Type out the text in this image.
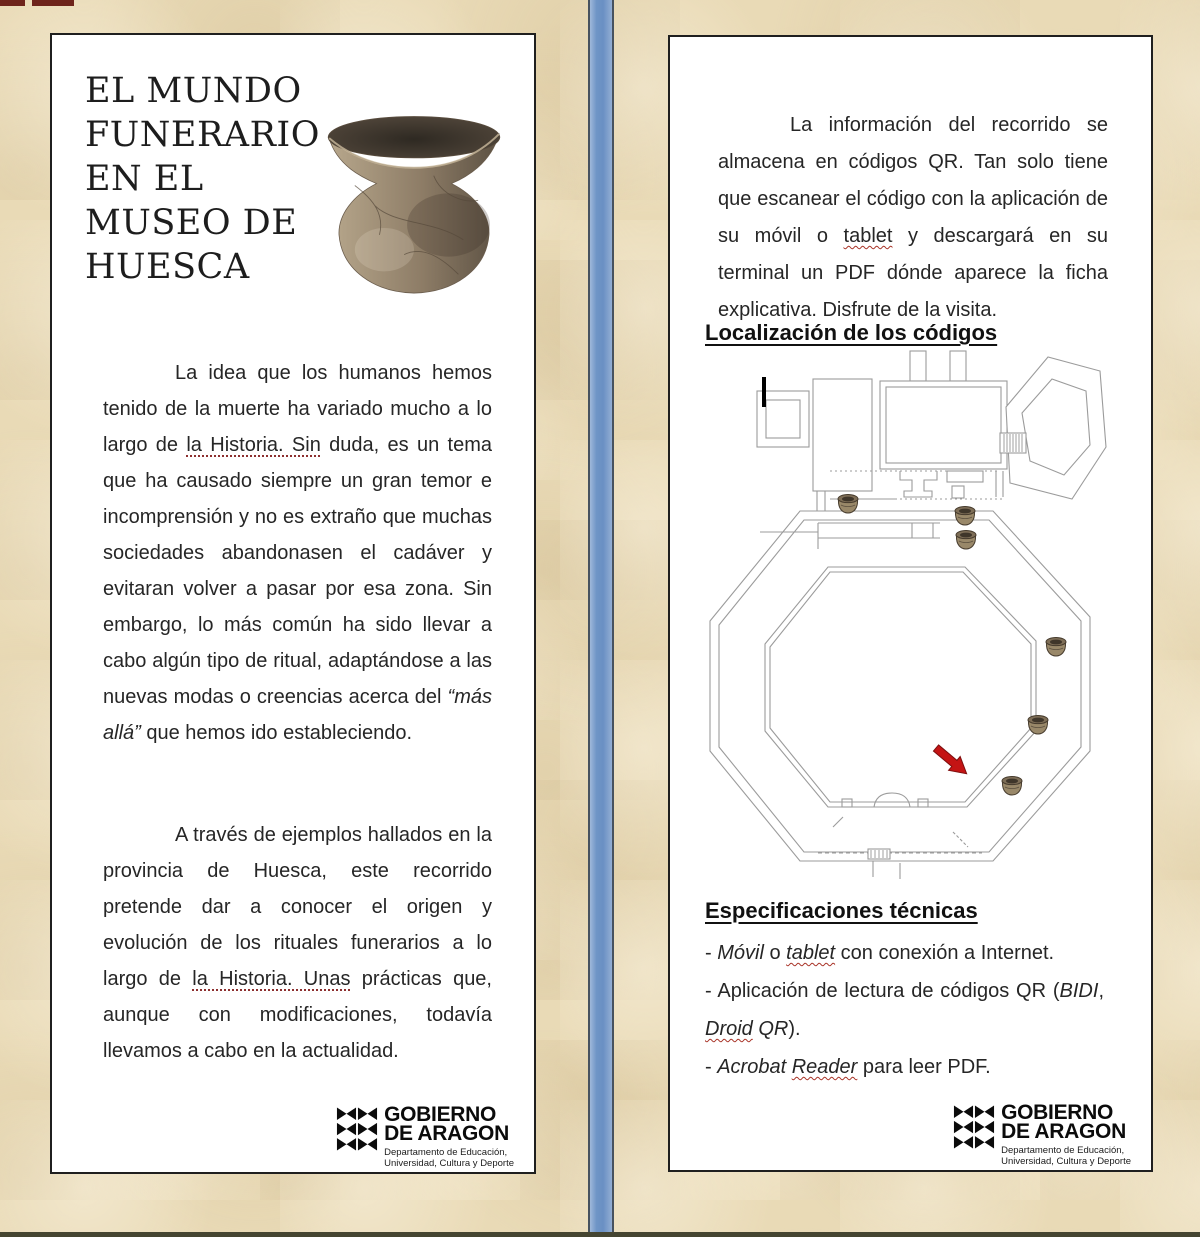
EL MUNDO
FUNERARIO
EN EL
MUSEO DE
HUESCA

La idea que los humanos hemos tenido de la muerte ha variado mucho a lo largo de la Historia. Sin duda, es un tema que ha causado siempre un gran temor e incomprensión y no es extraño que muchas sociedades abandonasen el cadáver y evitaran volver a pasar por esa zona. Sin embargo, lo más común ha sido llevar a cabo algún tipo de ritual, adaptándose a las nuevas modas o creencias acerca del “más allá” que hemos ido estableciendo.

A través de ejemplos hallados en la provincia de Huesca, este recorrido pretende dar a conocer el origen y evolución de los rituales funerarios a lo largo de la Historia. Unas prácticas que, aunque con modificaciones, todavía llevamos a cabo en la actualidad.

GOBIERNO
DE ARAGON
Departamento de Educación,
Universidad, Cultura y Deporte

La información del recorrido se almacena en códigos QR. Tan solo tiene que escanear el código con la aplicación de su móvil o tablet y descargará en su terminal un PDF dónde aparece la ficha explicativa. Disfrute de la visita.

Localización de los códigos
Especificaciones técnicas

- Móvil o tablet con conexión a Internet.

- Aplicación de lectura de códigos QR (BIDI, Droid QR).

- Acrobat Reader para leer PDF.

GOBIERNO
DE ARAGON
Departamento de Educación,
Universidad, Cultura y Deporte
